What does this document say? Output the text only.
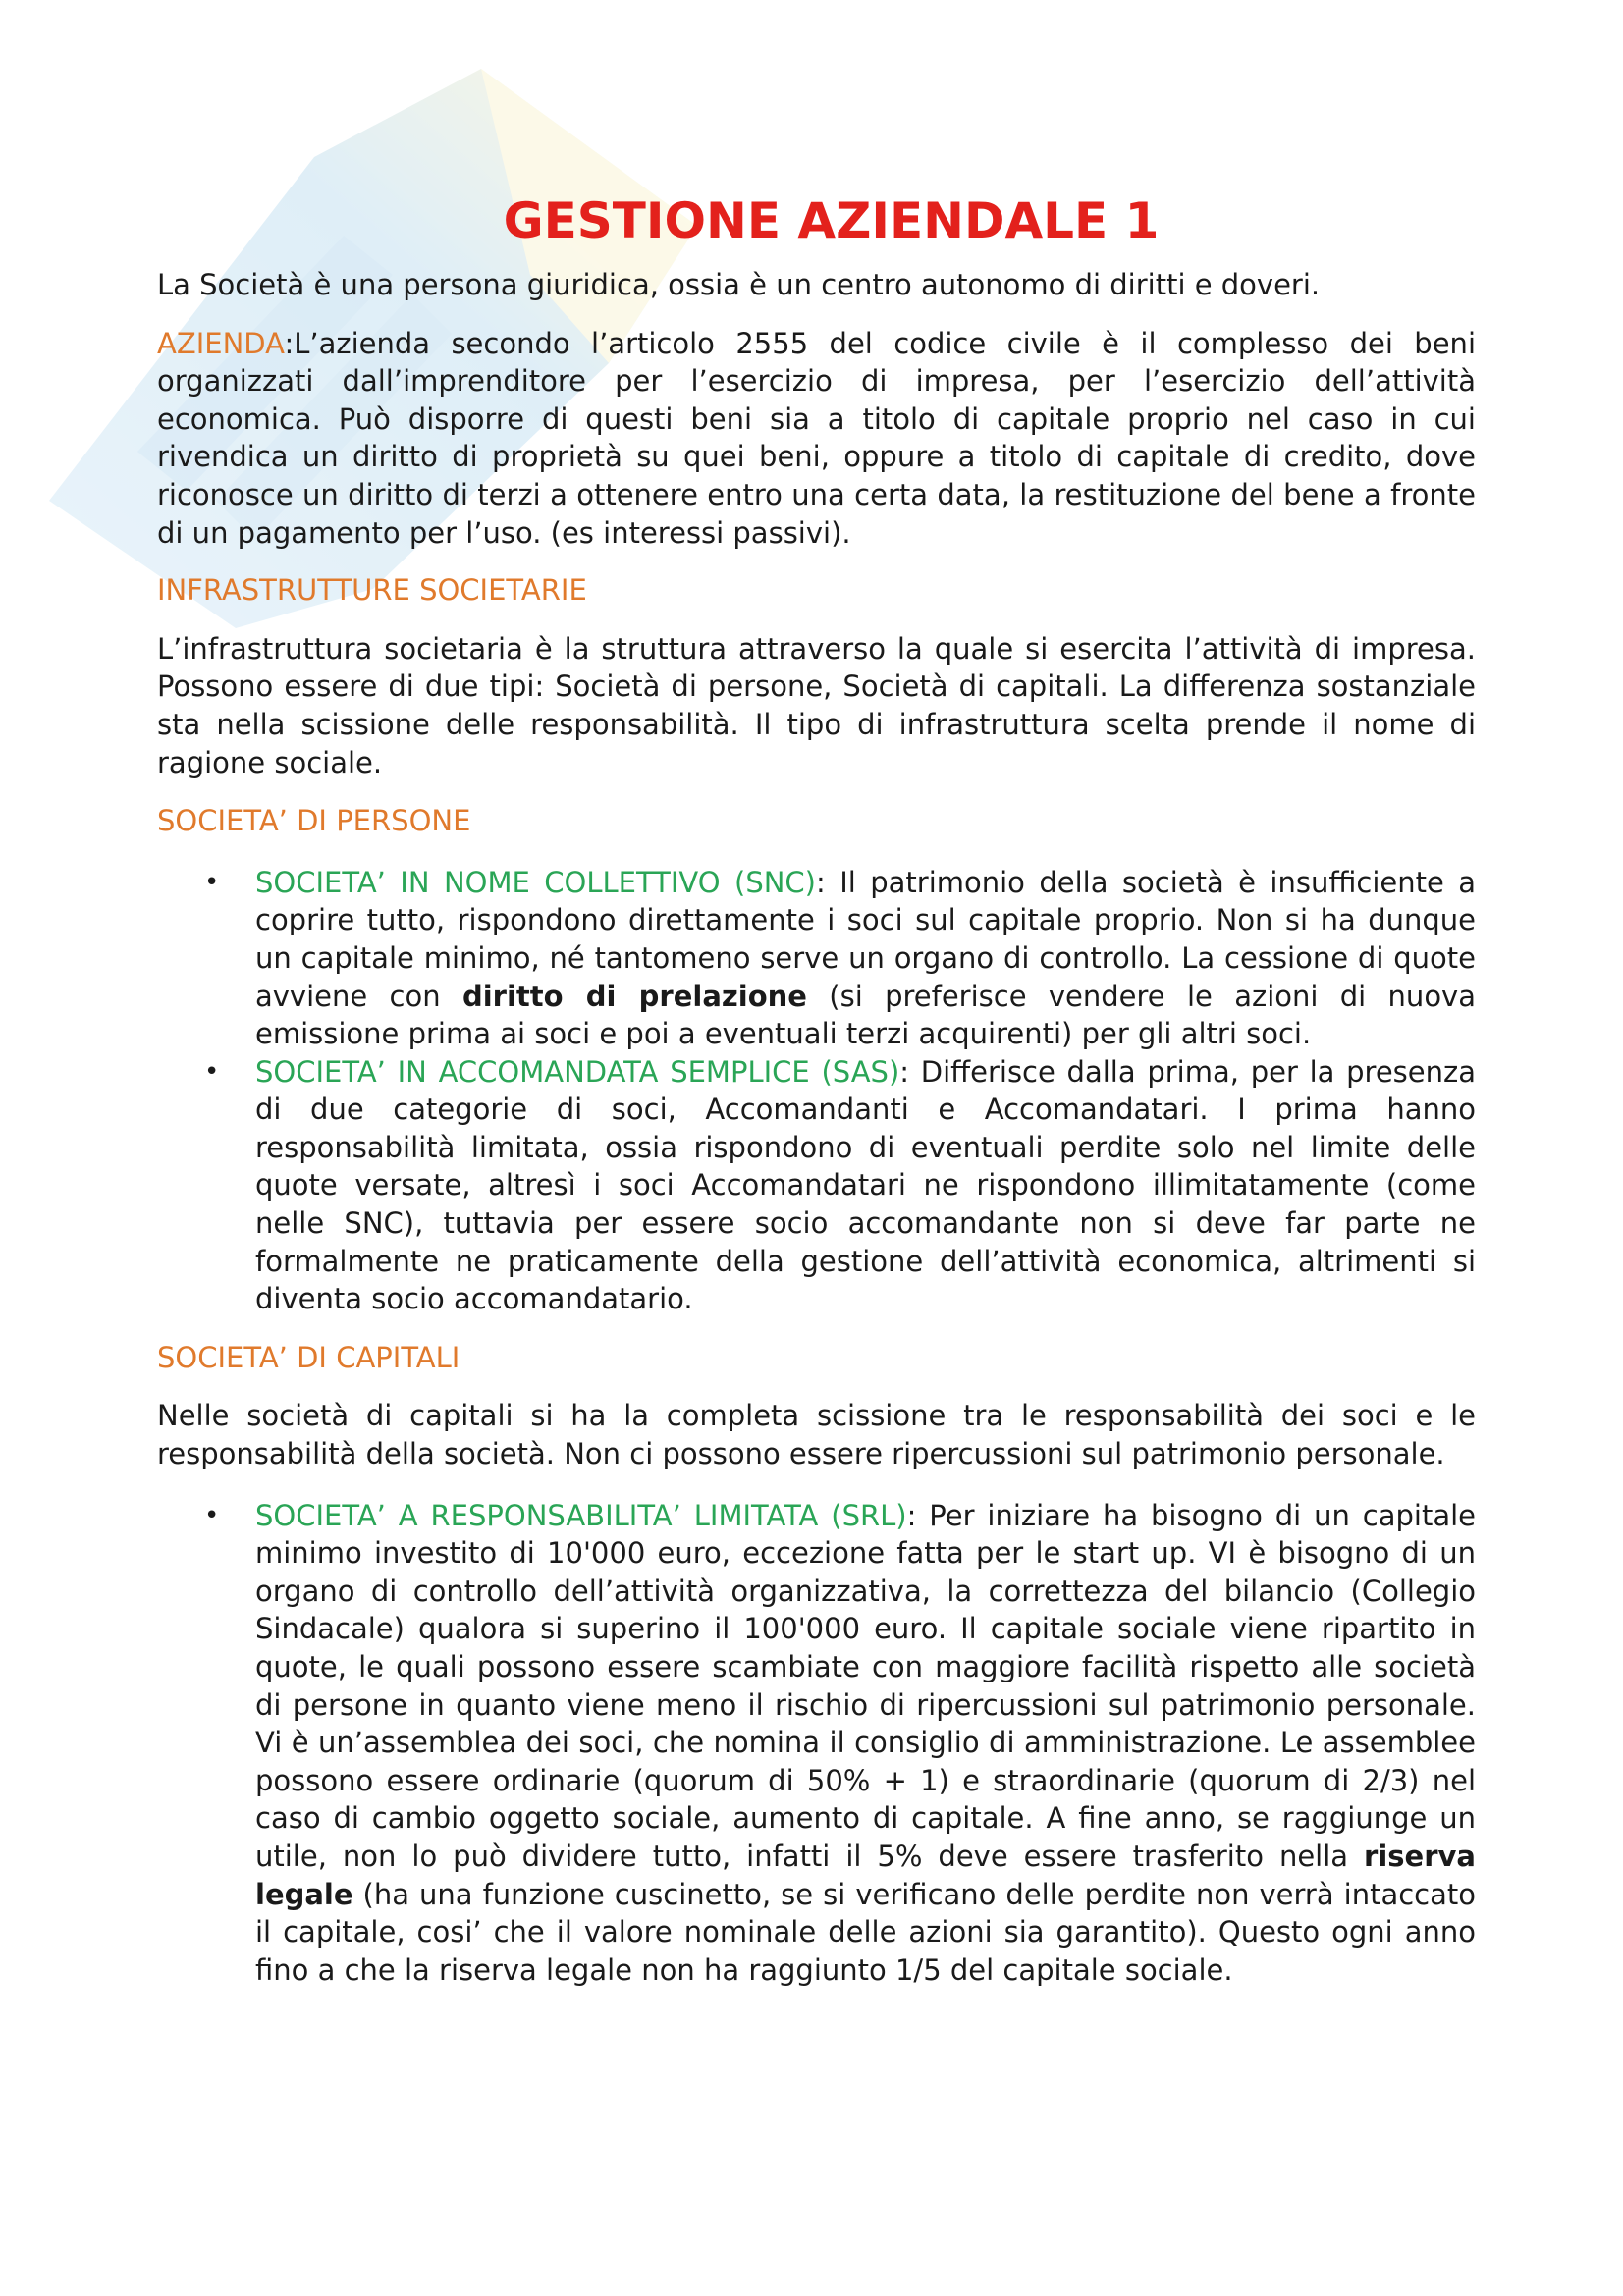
GESTIONE AZIENDALE 1

La Società è una persona giuridica, ossia è un centro autonomo di diritti e doveri.

AZIENDA:L’azienda secondo l’articolo 2555 del codice civile è il complesso dei beni organizzati dall’imprenditore per l’esercizio di impresa, per l’esercizio dell’attività economica. Può disporre di questi beni sia a titolo di capitale proprio nel caso in cui rivendica un diritto di proprietà su quei beni, oppure a titolo di capitale di credito, dove riconosce un diritto di terzi a ottenere entro una certa data, la restituzione del bene a fronte di un pagamento per l’uso. (es interessi passivi).

INFRASTRUTTURE SOCIETARIE

L’infrastruttura societaria è la struttura attraverso la quale si esercita l’attività di impresa. Possono essere di due tipi: Società di persone, Società di capitali. La differenza sostanziale sta nella scissione delle responsabilità. Il tipo di infrastruttura scelta prende il nome di ragione sociale.

SOCIETA’ DI PERSONE

• SOCIETA’ IN NOME COLLETTIVO (SNC): Il patrimonio della società è insufficiente a coprire tutto, rispondono direttamente i soci sul capitale proprio. Non si ha dunque un capitale minimo, né tantomeno serve un organo di controllo. La cessione di quote avviene con diritto di prelazione (si preferisce vendere le azioni di nuova emissione prima ai soci e poi a eventuali terzi acquirenti) per gli altri soci.
• SOCIETA’ IN ACCOMANDATA SEMPLICE (SAS): Differisce dalla prima, per la presenza di due categorie di soci, Accomandanti e Accomandatari. I prima hanno responsabilità limitata, ossia rispondono di eventuali perdite solo nel limite delle quote versate, altresì i soci Accomandatari ne rispondono illimitatamente (come nelle SNC), tuttavia per essere socio accomandante non si deve far parte ne formalmente ne praticamente della gestione dell’attività economica, altrimenti si diventa socio accomandatario.

SOCIETA’ DI CAPITALI

Nelle società di capitali si ha la completa scissione tra le responsabilità dei soci e le responsabilità della società. Non ci possono essere ripercussioni sul patrimonio personale.

• SOCIETA’ A RESPONSABILITA’ LIMITATA (SRL): Per iniziare ha bisogno di un capitale minimo investito di 10'000 euro, eccezione fatta per le start up. VI è bisogno di un organo di controllo dell’attività organizzativa, la correttezza del bilancio (Collegio Sindacale) qualora si superino il 100'000 euro. Il capitale sociale viene ripartito in quote, le quali possono essere scambiate con maggiore facilità rispetto alle società di persone in quanto viene meno il rischio di ripercussioni sul patrimonio personale. Vi è un’assemblea dei soci, che nomina il consiglio di amministrazione. Le assemblee possono essere ordinarie (quorum di 50% + 1) e straordinarie (quorum di 2/3) nel caso di cambio oggetto sociale, aumento di capitale. A fine anno, se raggiunge un utile, non lo può dividere tutto, infatti il 5% deve essere trasferito nella riserva legale (ha una funzione cuscinetto, se si verificano delle perdite non verrà intaccato il capitale, cosi’ che il valore nominale delle azioni sia garantito). Questo ogni anno fino a che la riserva legale non ha raggiunto 1/5 del capitale sociale.
